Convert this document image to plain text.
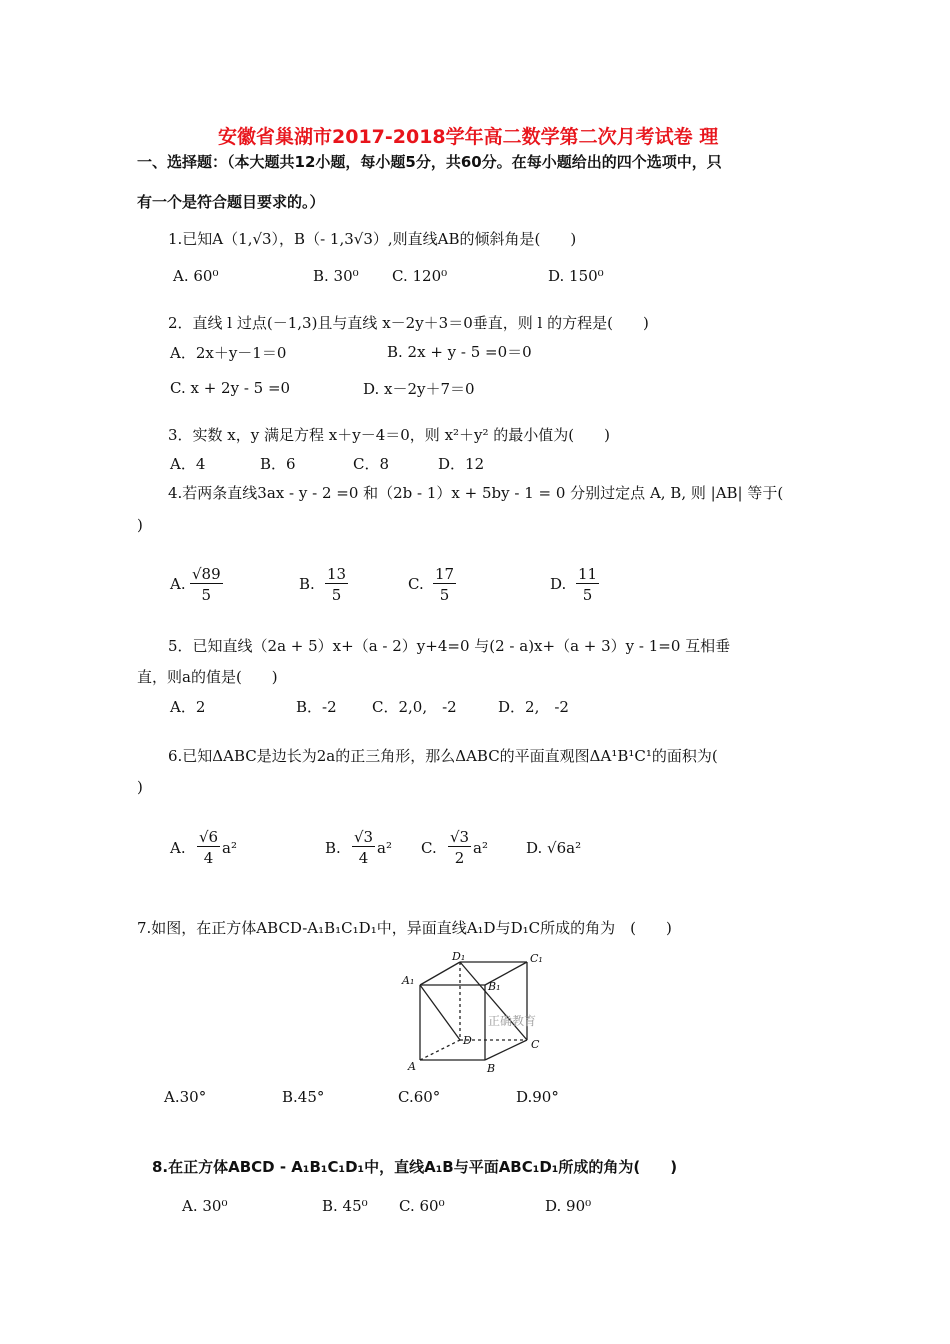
安徽省巢湖市2017-2018学年高二数学第二次月考试卷 理
一、选择题：（本大题共12小题，每小题5分，共60分。在每小题给出的四个选项中，只
有一个是符合题目要求的。）
1.已知A（1,√3），B（- 1,3√3）,则直线AB的倾斜角是(　　)
A. 60⁰	B. 30⁰ C. 120⁰	D. 150⁰
2．直线 l 过点(－1,3)且与直线 x－2y＋3＝0垂直，则 l 的方程是(　　)
A．2x＋y－1＝0	B. 2x + y - 5 =0＝0
C. x + 2y - 5 =0	D. x－2y＋7＝0
3．实数 x，y 满足方程 x＋y－4＝0，则 x²＋y² 的最小值为(　　)
A．4	B．6	C．8	D．12
4.若两条直线3ax - y - 2 =0 和（2b - 1）x + 5by - 1 = 0 分别过定点 A, B, 则 |AB| 等于(
)
A. $\frac{√89}{5}$	B. $\frac{13}{5}$	C. $\frac{17}{5}$	D. $\frac{11}{5}$
5．已知直线（2a + 5）x+（a - 2）y+4=0 与(2 - a)x+（a + 3）y - 1=0 互相垂
直，则a的值是(　　)
A．2	B．-2 C．2,0,　-2	D．2,　-2
6.已知ΔABC是边长为2a的正三角形，那么ΔABC的平面直观图ΔA¹B¹C¹的面积为(
)
A. $\frac{√6}{4} a^2$	B. $\frac{√3}{4} a^2$ C. $\frac{√3}{2} a^2$	D. √6a²
7.如图，在正方体ABCD-A₁B₁C₁D₁中，异面直线A₁D与D₁C所成的角为　(　　)
D₁	C₁
A₁	B₁
D	C
A	B
正确教育
A.30°	B.45°	C.60°	D.90°
8.在正方体ABCD - A₁B₁C₁D₁中，直线A₁B与平面ABC₁D₁所成的角为(　　)
A. 30⁰	B. 45⁰ C. 60⁰	D. 90⁰
